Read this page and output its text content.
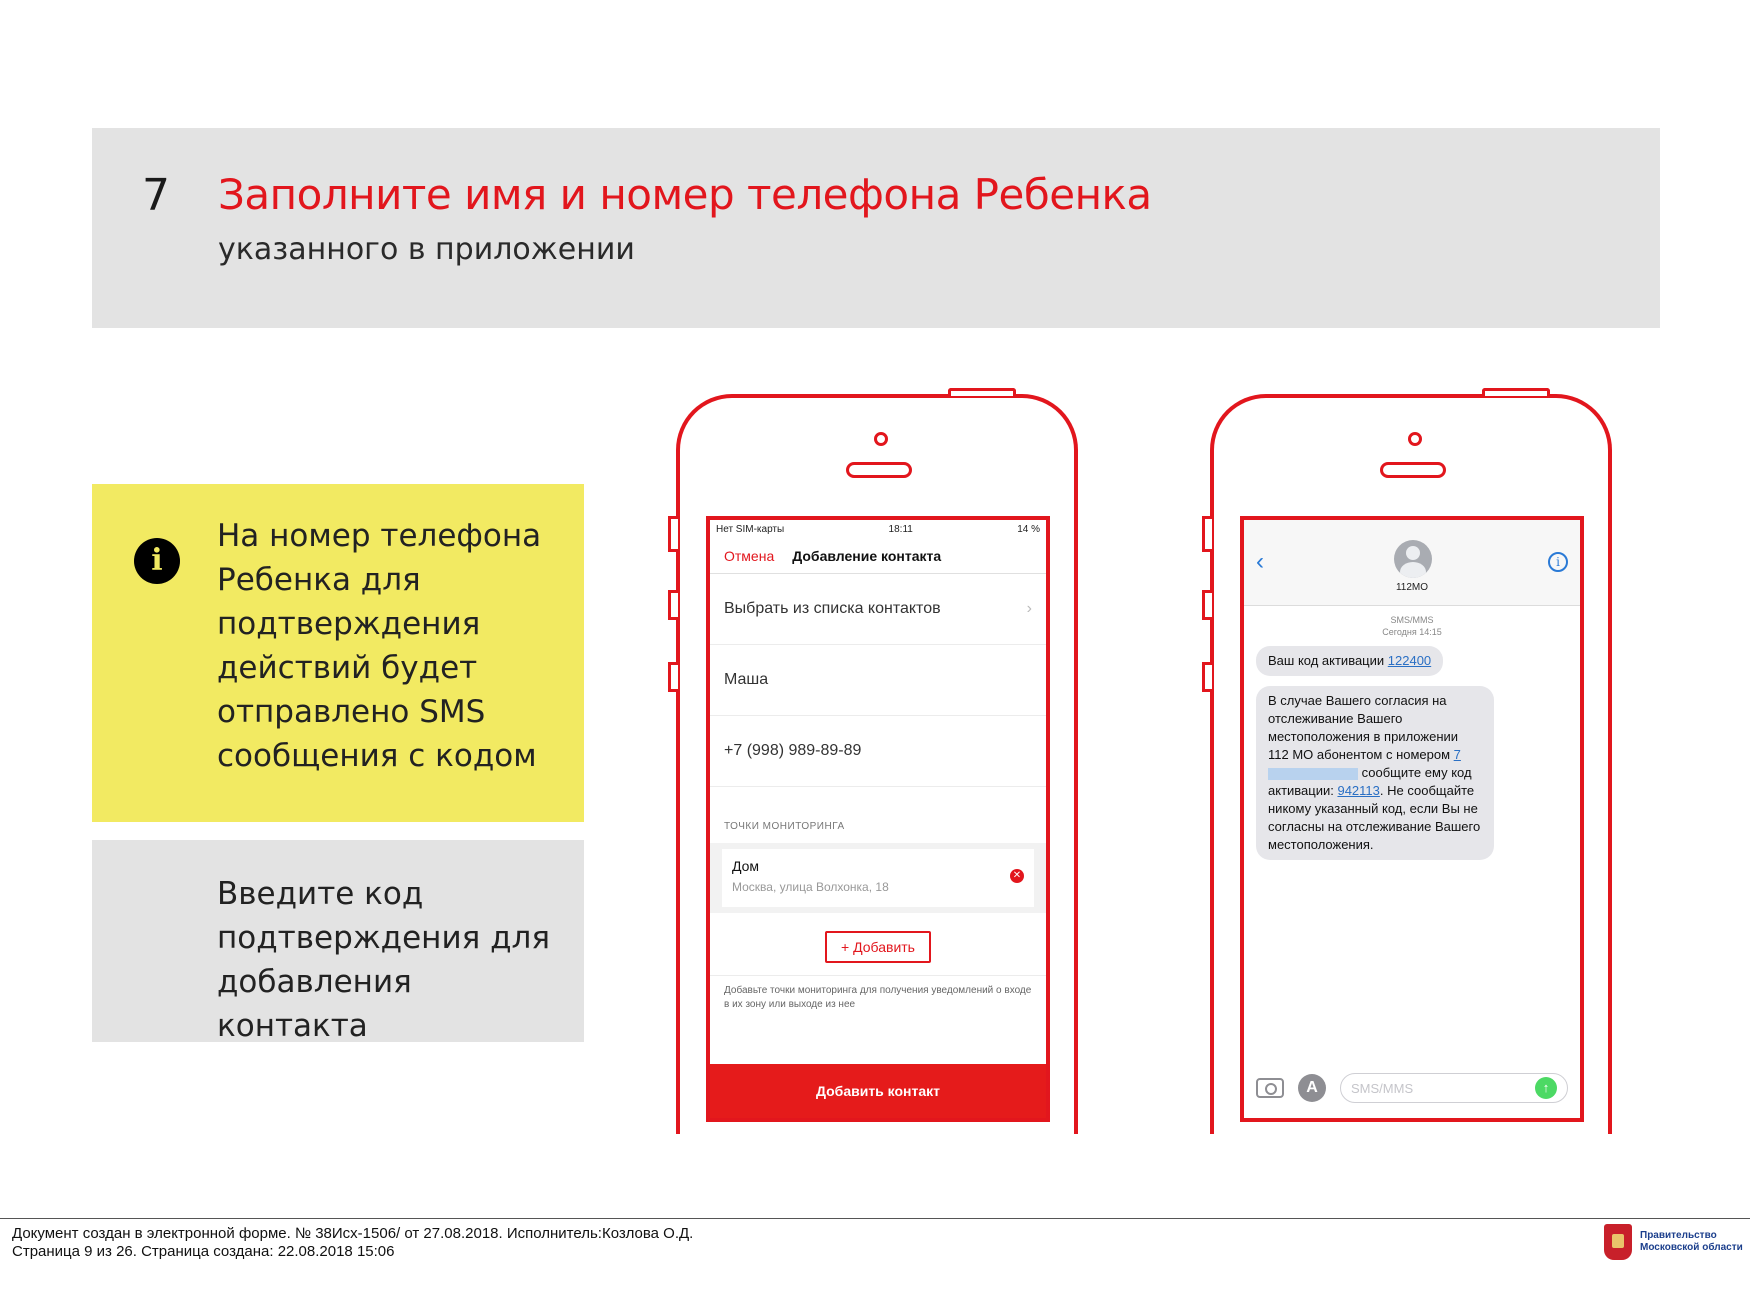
7 Заполните имя и номер телефона Ребенка
указанного в приложении
i
На номер телефона Ребенка для подтверждения действий будет отправлено SMS сообщения с кодом
Введите код подтверждения для добавления контакта
Нет SIM-карты	18:11	14 %
Отмена Добавление контакта
Выбрать из списка контактов	›
Маша
+7 (998) 989-89-89
ТОЧКИ МОНИТОРИНГА
Дом
Москва, улица Волхонка, 18
✕
+ Добавить
Добавьте точки мониторинга для получения уведомлений о входе в их зону или выходе из нее
Добавить контакт
‹
112МО
i
SMS/MMS
Сегодня 14:15
Ваш код активации 122400
В случае Вашего согласия на отслеживание Вашего местоположения в приложении 112 МО абонентом с номером 7 сообщите ему код активации: 942113. Не сообщайте никому указанный код, если Вы не согласны на отслеживание Вашего местоположения.
A	SMS/MMS	↑
Документ создан в электронной форме. № 38Исх-1506/ от 27.08.2018. Исполнитель:Козлова О.Д.
Страница 9 из 26. Страница создана: 22.08.2018 15:06
Правительство
Московской области
